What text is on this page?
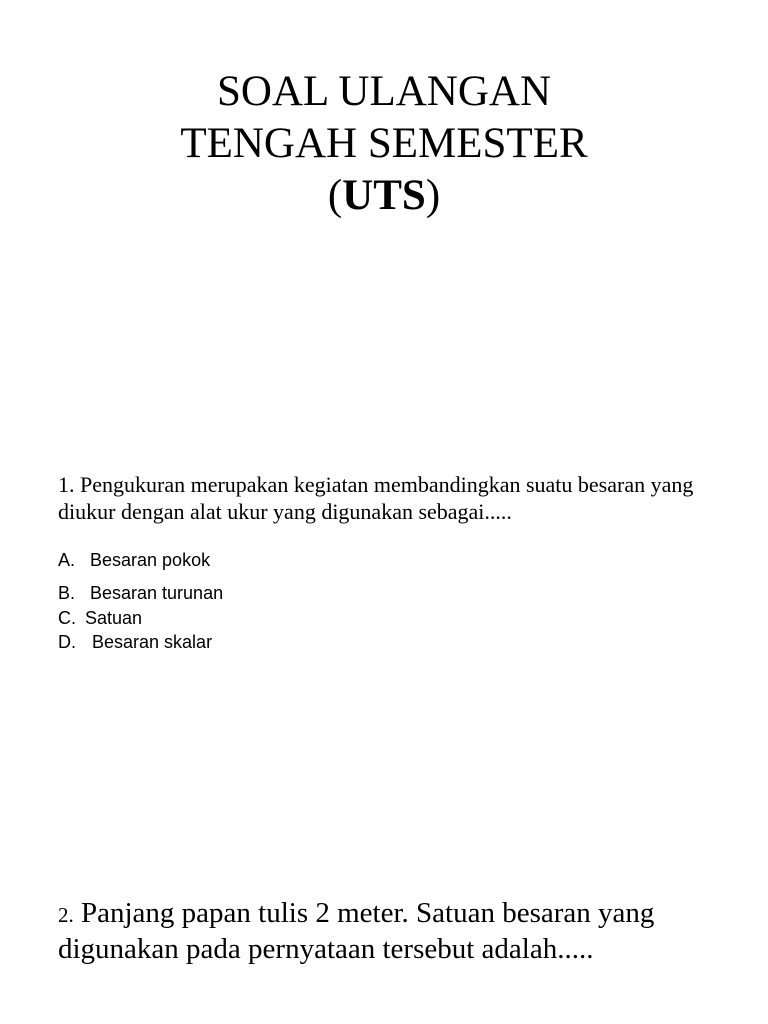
SOAL ULANGAN
TENGAH SEMESTER
(UTS)
1. Pengukuran merupakan kegiatan membandingkan suatu besaran yang diukur dengan alat ukur yang digunakan sebagai.....
A. Besaran pokok
B. Besaran turunan
C. Satuan
D. Besaran skalar
2. Panjang papan tulis 2 meter. Satuan besaran yang digunakan pada pernyataan tersebut adalah.....
